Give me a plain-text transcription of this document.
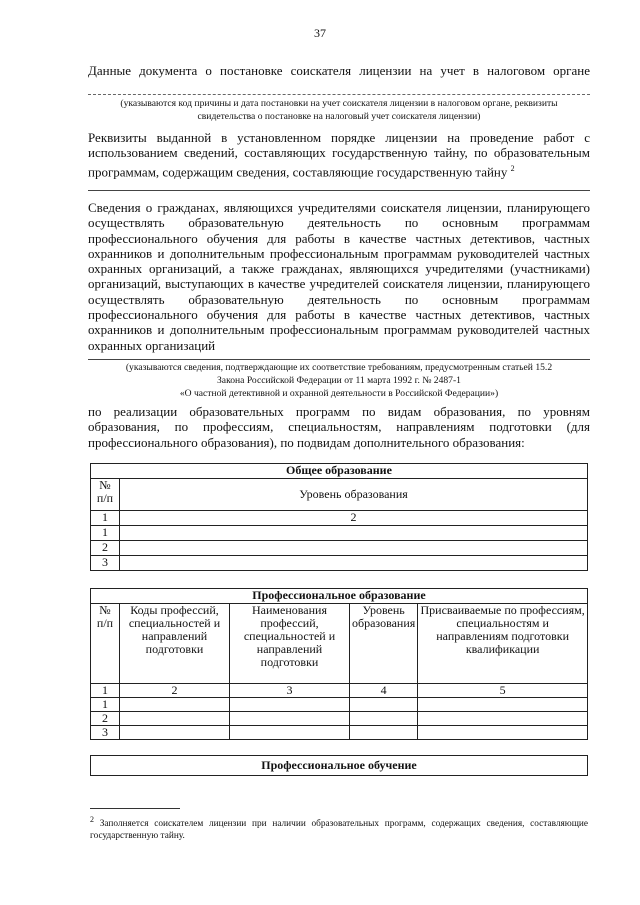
37
Данные документа о постановке соискателя лицензии на учет в налоговом органе
(указываются код причины и дата постановки на учет соискателя лицензии в налоговом органе, реквизиты свидетельства о постановке на налоговый учет соискателя лицензии)
Реквизиты выданной в установленном порядке лицензии на проведение работ с использованием сведений, составляющих государственную тайну, по образовательным программам, содержащим сведения, составляющие государственную тайну $^2$
Сведения о гражданах, являющихся учредителями соискателя лицензии, планирующего осуществлять образовательную деятельность по основным программам профессионального обучения для работы в качестве частных детективов, частных охранников и дополнительным профессиональным программам руководителей частных охранных организаций, а также гражданах, являющихся учредителями (участниками) организаций, выступающих в качестве учредителей соискателя лицензии, планирующего осуществлять образовательную деятельность по основным программам профессионального обучения для работы в качестве частных детективов, частных охранников и дополнительным профессиональным программам руководителей частных охранных организаций
(указываются сведения, подтверждающие их соответствие требованиям, предусмотренным статьей 15.2
Закона Российской Федерации от 11 марта 1992 г. № 2487-1
«О частной детективной и охранной деятельности в Российской Федерации»)
по реализации образовательных программ по видам образования, по уровням образования, по профессиям, специальностям, направлениям подготовки (для профессионального образования), по подвидам дополнительного образования:
Общее образование	
№ п/п	Уровень образования
1	2
1	
2	
3	
Профессиональное образование				
№ п/п	Коды профессий, специальностей и направлений подготовки	Наименования профессий, специальностей и направлений подготовки	Уровень образования	Присваиваемые по профессиям, специальностям и направлениям подготовки квалификации
1	2	3	4	5
1				
2				
3				
Профессиональное обучение
$^2$ Заполняется соискателем лицензии при наличии образовательных программ, содержащих сведения, составляющие государственную тайну.
